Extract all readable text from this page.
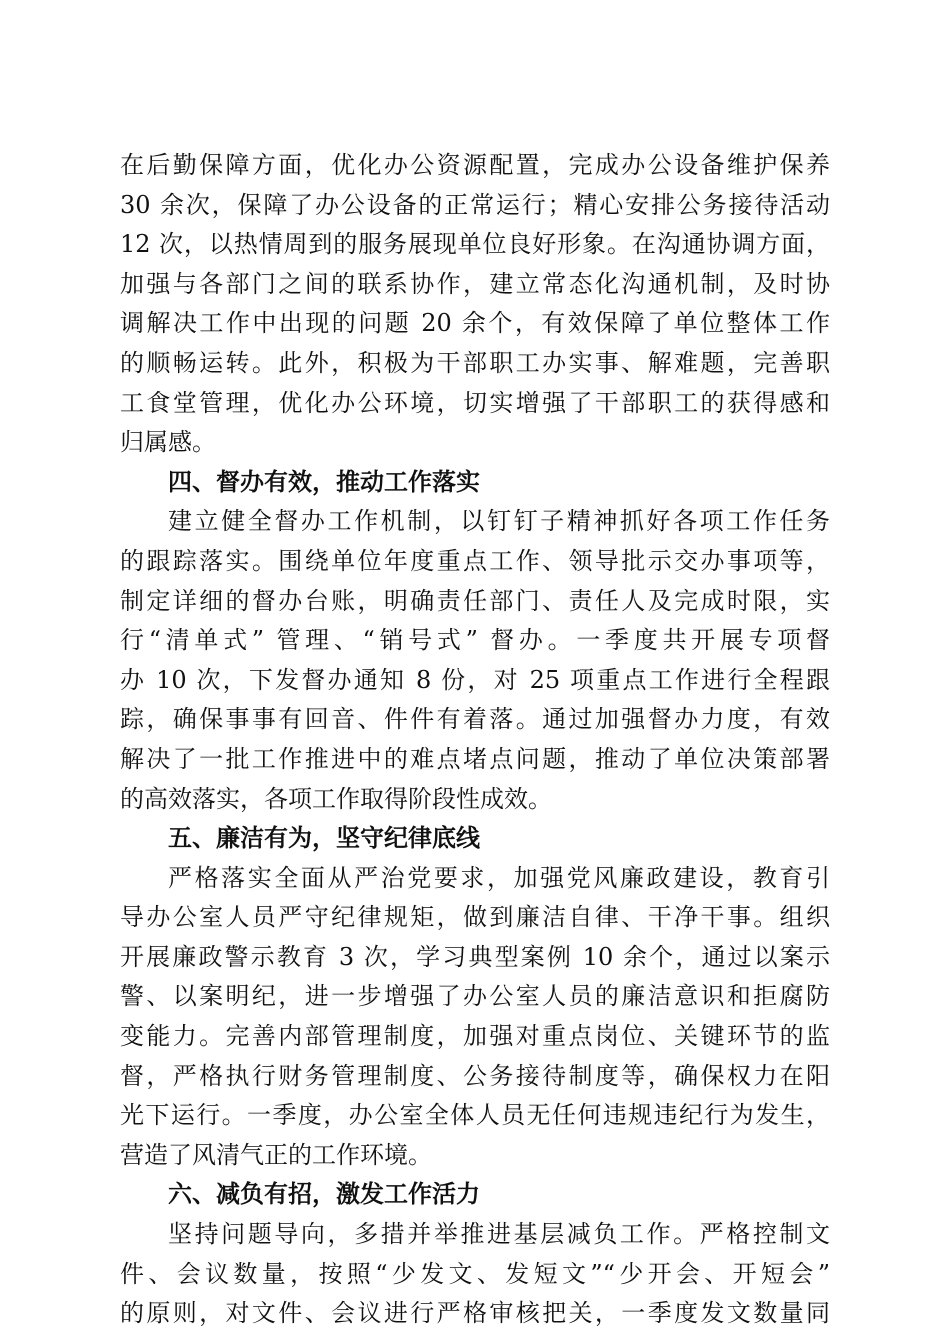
在后勤保障方面，优化办公资源配置，完成办公设备维护保养
30 余次，保障了办公设备的正常运行；精心安排公务接待活动
12 次，以热情周到的服务展现单位良好形象。在沟通协调方面，
加强与各部门之间的联系协作，建立常态化沟通机制，及时协
调解决工作中出现的问题 20 余个，有效保障了单位整体工作
的顺畅运转。此外，积极为干部职工办实事、解难题，完善职
工食堂管理，优化办公环境，切实增强了干部职工的获得感和
归属感。
四、督办有效，推动工作落实
建立健全督办工作机制，以钉钉子精神抓好各项工作任务
的跟踪落实。围绕单位年度重点工作、领导批示交办事项等，
制定详细的督办台账，明确责任部门、责任人及完成时限，实
行“清单式” 管理、“销号式” 督办。一季度共开展专项督
办 10 次，下发督办通知 8 份，对 25 项重点工作进行全程跟
踪，确保事事有回音、件件有着落。通过加强督办力度，有效
解决了一批工作推进中的难点堵点问题，推动了单位决策部署
的高效落实，各项工作取得阶段性成效。
五、廉洁有为，坚守纪律底线
严格落实全面从严治党要求，加强党风廉政建设，教育引
导办公室人员严守纪律规矩，做到廉洁自律、干净干事。组织
开展廉政警示教育 3 次，学习典型案例 10 余个，通过以案示
警、以案明纪，进一步增强了办公室人员的廉洁意识和拒腐防
变能力。完善内部管理制度，加强对重点岗位、关键环节的监
督，严格执行财务管理制度、公务接待制度等，确保权力在阳
光下运行。一季度，办公室全体人员无任何违规违纪行为发生，
营造了风清气正的工作环境。
六、减负有招，激发工作活力
坚持问题导向，多措并举推进基层减负工作。严格控制文
件、会议数量，按照“少发文、发短文”“少开会、开短会”
的原则，对文件、会议进行严格审核把关，一季度发文数量同
